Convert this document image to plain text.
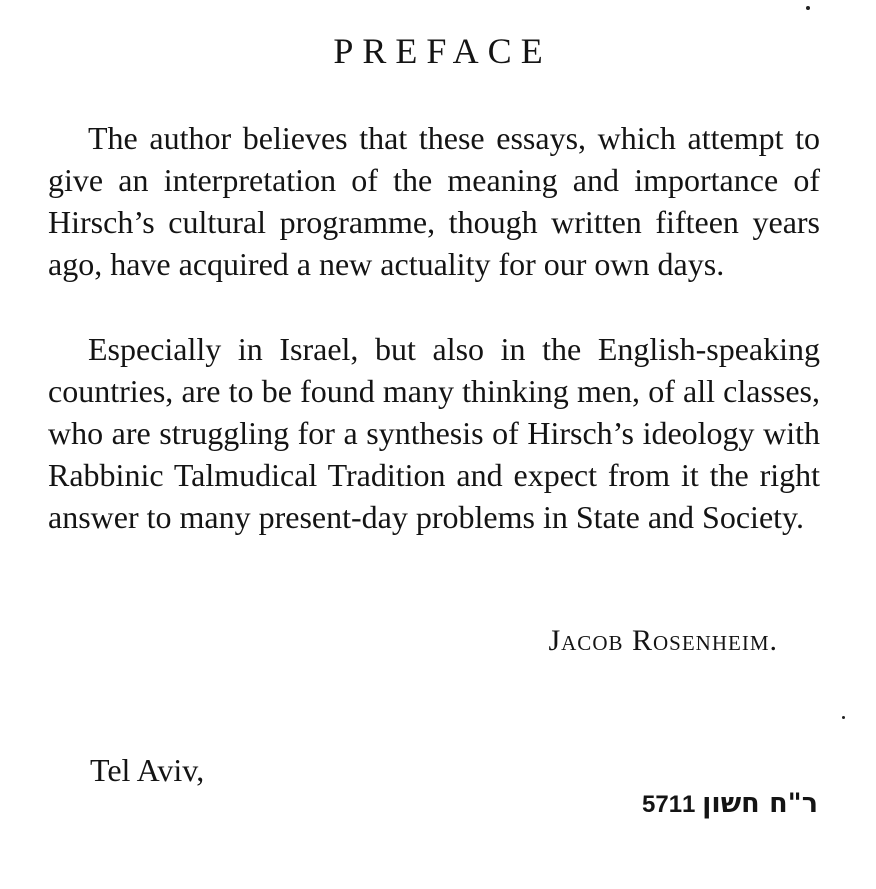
PREFACE

The author believes that these essays, which attempt to give an interpretation of the meaning and importance of Hirsch’s cultural programme, though written fifteen years ago, have acquired a new actuality for our own days.

Especially in Israel, but also in the English-speaking countries, are to be found many thinking men, of all classes, who are struggling for a synthesis of Hirsch’s ideology with Rabbinic Talmudical Tradition and expect from it the right answer to many present-day problems in State and Society.

Jacob Rosenheim.
Tel Aviv,
5711 ר"ח חשון
